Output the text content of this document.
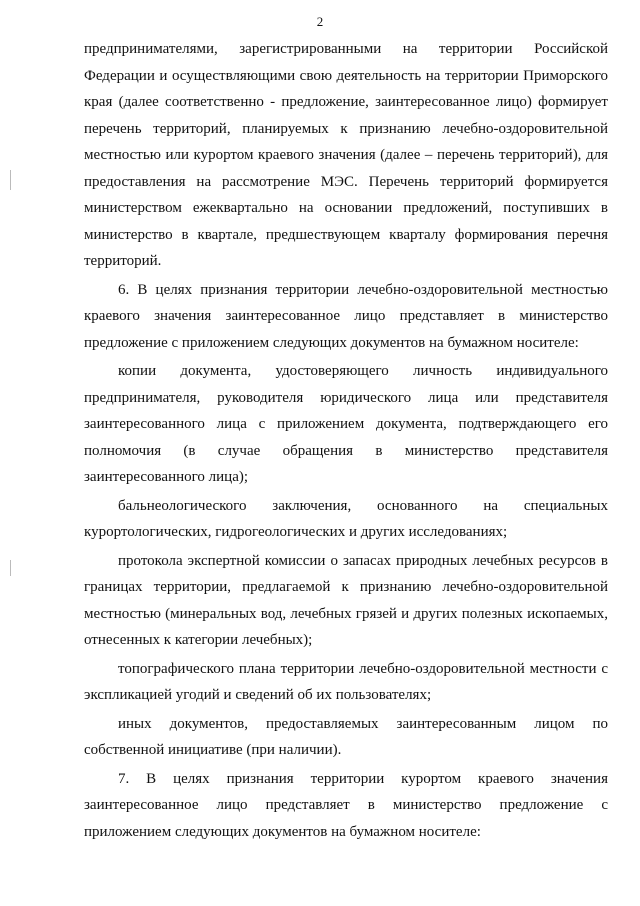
2

предпринимателями, зарегистрированными на территории Российской Федерации и осуществляющими свою деятельность на территории Приморского края (далее соответственно - предложение, заинтересованное лицо) формирует перечень территорий, планируемых к признанию лечебно-оздоровительной местностью или курортом краевого значения (далее – перечень территорий), для предоставления на рассмотрение МЭС. Перечень территорий формируется министерством ежеквартально на основании предложений, поступивших в министерство в квартале, предшествующем кварталу формирования перечня территорий.

6. В целях признания территории лечебно-оздоровительной местностью краевого значения заинтересованное лицо представляет в министерство предложение с приложением следующих документов на бумажном носителе:

копии документа, удостоверяющего личность индивидуального предпринимателя, руководителя юридического лица или представителя заинтересованного лица с приложением документа, подтверждающего его полномочия (в случае обращения в министерство представителя заинтересованного лица);

бальнеологического заключения, основанного на специальных курортологических, гидрогеологических и других исследованиях;

протокола экспертной комиссии о запасах природных лечебных ресурсов в границах территории, предлагаемой к признанию лечебно-оздоровительной местностью (минеральных вод, лечебных грязей и других полезных ископаемых, отнесенных к категории лечебных);

топографического плана территории лечебно-оздоровительной местности с экспликацией угодий и сведений об их пользователях;

иных документов, предоставляемых заинтересованным лицом по собственной инициативе (при наличии).

7. В целях признания территории курортом краевого значения заинтересованное лицо представляет в министерство предложение с приложением следующих документов на бумажном носителе:
